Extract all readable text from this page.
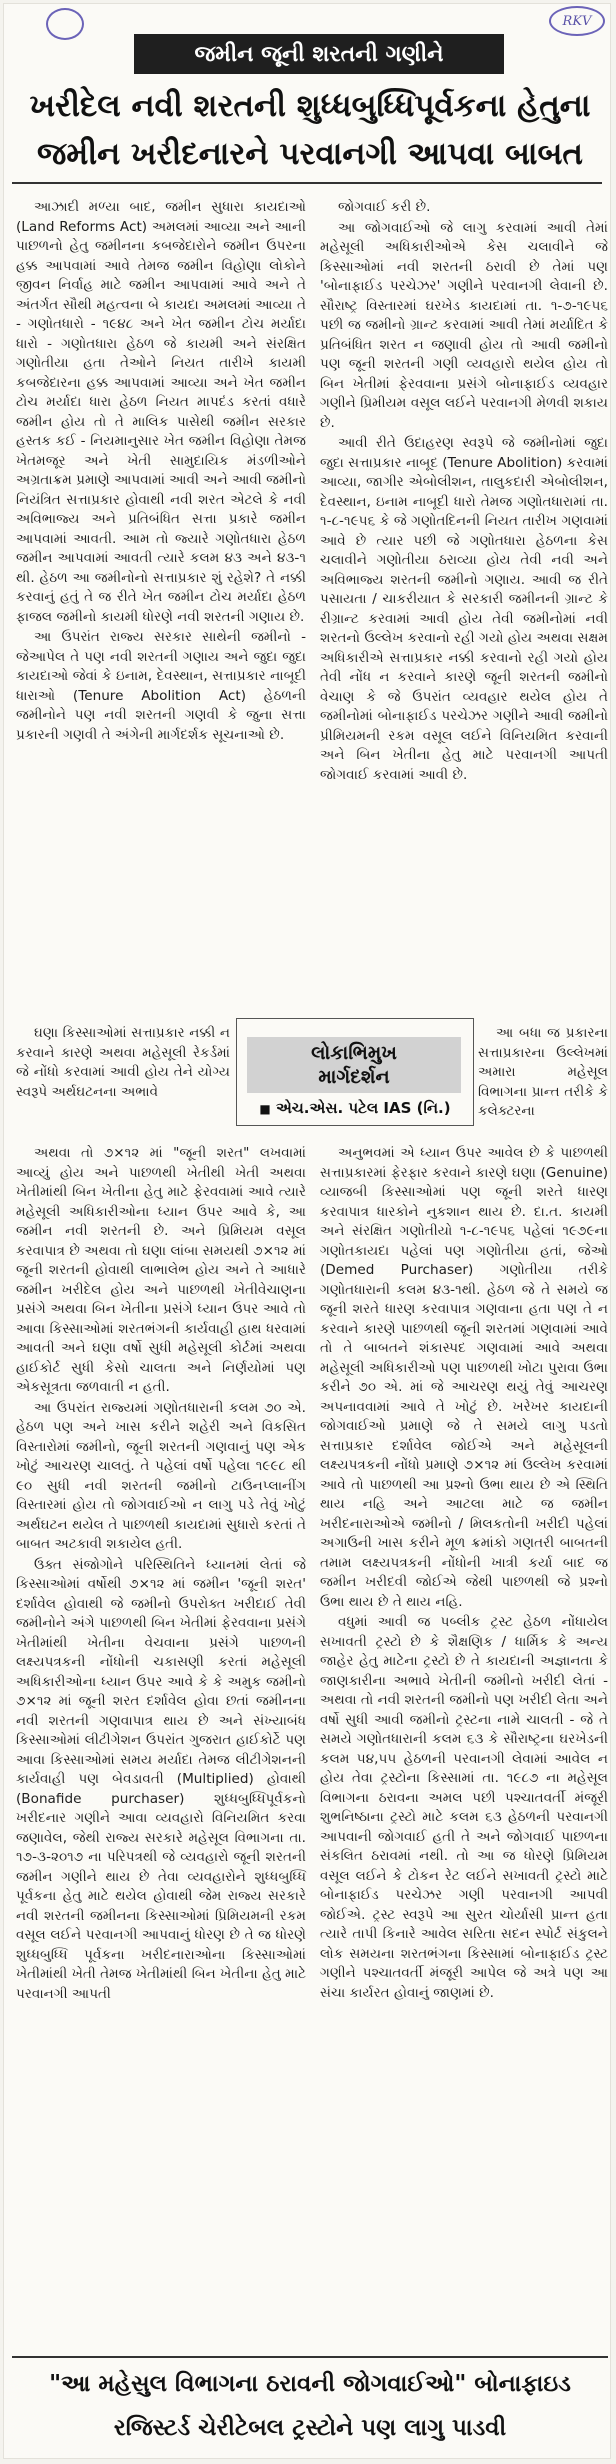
RKV
જમીન જૂની શરતની ગણીને
ખરીદેલ નવી શરતની શુધ્ધબુધ્ધિપૂર્વકના હેતુના
જમીન ખરીદનારને પરવાનગી આપવા બાબત

આઝાદી મળ્યા બાદ, જમીન સુધારા કાયદાઓ (Land Reforms Act) અમલમાં આવ્યા અને આની પાછળનો હેતુ જમીનના કબજેદારોને જમીન ઉપરના હક્ક આપવામાં આવે તેમજ જમીન વિહોણા લોકોને જીવન નિર્વાહ માટે જમીન આપવામાં આવે અને તે અંતર્ગત સૌથી મહત્વના બે કાયદા અમલમાં આવ્યા તે - ગણોતધારો - ૧૯૪૮ અને ખેત જમીન ટોચ મર્યાદા ધારો - ગણોતધારા હેઠળ જે કાયમી અને સંરક્ષિત ગણોતીયા હતા તેઓને નિયત તારીખે કાયમી કબજેદારના હક્ક આપવામાં આવ્યા અને ખેત જમીન ટોચ મર્યાદા ધારા હેઠળ નિયત માપદંડ કરતાં વધારે જમીન હોય તો તે માલિક પાસેથી જમીન સરકાર હસ્તક કઈ - નિયમાનુસાર ખેત જમીન વિહોણા તેમજ ખેતમજૂર અને ખેતી સામુદાયિક મંડળીઓને અગ્રતાક્રમ પ્રમાણે આપવામાં આવી અને આવી જમીનો નિયંત્રિત સત્તાપ્રકાર હોવાથી નવી શરત એટલે કે નવી અવિભાજ્ય અને પ્રતિબંધિત સત્તા પ્રકારે જમીન આપવામાં આવતી. આમ તો જ્યારે ગણોતધારા હેઠળ જમીન આપવામાં આવતી ત્યારે કલમ ૪૩ અને ૪૩-૧ થી. હેઠળ આ જમીનોનો સત્તાપ્રકાર શું રહેશે? તે નક્કી કરવાનું હતું તે જ રીતે ખેત જમીન ટોચ મર્યાદા હેઠળ ફાજલ જમીનો કાયમી ધોરણે નવી શરતની ગણાય છે.

આ ઉપરાંત રાજ્ય સરકાર સાથેની જમીનો - જેઆપેલ તે પણ નવી શરતની ગણાય અને જુદા જુદા કાયદાઓ જેવાં કે ઇનામ, દેવસ્થાન, સત્તાપ્રકાર નાબૂદી ધારાઓ (Tenure Abolition Act) હેઠળની જમીનોને પણ નવી શરતની ગણવી કે જુના સત્તા પ્રકારની ગણવી તે અંગેની માર્ગદર્શક સૂચનાઓ છે.

જોગવાઈ કરી છે.

આ જોગવાઈઓ જે લાગુ કરવામાં આવી તેમાં મહેસૂલી અધિકારીઓએ કેસ ચલાવીને જે કિસ્સાઓમાં નવી શરતની ઠરાવી છે તેમાં પણ 'બોનાફાઈડ પરચેઝર' ગણીને પરવાનગી લેવાની છે. સૌરાષ્ટ્ર વિસ્તારમાં ઘરખેડ કાયદામાં તા. ૧-૭-૧૯૫૬ પછી જ જમીનો ગ્રાન્ટ કરવામાં આવી તેમાં મર્યાદિત કે પ્રતિબંધિત શરત ન જણાવી હોય તો આવી જમીનો પણ જૂની શરતની ગણી વ્યવહારો થયેલ હોય તો બિન ખેતીમાં ફેરવવાના પ્રસંગે બોનાફાઈડ વ્યવહાર ગણીને પ્રિમીયમ વસૂલ લઈને પરવાનગી મેળવી શકાય છે.

આવી રીતે ઉદાહરણ સ્વરૂપે જે જમીનોમાં જુદા જુદા સત્તાપ્રકાર નાબૂદ (Tenure Abolition) કરવામાં આવ્યા, જાગીર એબોલીશન, તાલુકદારી એબોલીશન, દેવસ્થાન, ઇનામ નાબૂદી ધારો તેમજ ગણોતધારામાં તા. ૧-૮-૧૯૫૬ કે જે ગણોતદિનની નિયત તારીખ ગણવામાં આવે છે ત્યાર પછી જે ગણોતધારા હેઠળના કેસ ચલાવીને ગણોતીયા ઠરાવ્યા હોય તેવી નવી અને અવિભાજ્ય શરતની જમીનો ગણાય. આવી જ રીતે પસાયતા / ચાકરીયાત કે સરકારી જમીનની ગ્રાન્ટ કે રીગ્રાન્ટ કરવામાં આવી હોય તેવી જમીનોમાં નવી શરતનો ઉલ્લેખ કરવાનો રહી ગયો હોય અથવા સક્ષમ અધિકારીએ સત્તાપ્રકાર નક્કી કરવાનો રહી ગયો હોય તેવી નોંધ ન કરવાને કારણે જૂની શરતની જમીનો વેચાણ કે જે ઉપરાંત વ્યવહાર થયેલ હોય તે જમીનોમાં બોનાફાઈડ પરચેઝર ગણીને આવી જમીનો પ્રીમિયમની રકમ વસૂલ લઈને વિનિયમિત કરવાની અને બિન ખેતીના હેતુ માટે પરવાનગી આપતી જોગવાઈ કરવામાં આવી છે.

ઘણા કિસ્સાઓમાં સત્તાપ્રકાર નક્કી ન કરવાને કારણે અથવા મહેસૂલી રેકર્ડમાં જે નોંધો કરવામાં આવી હોય તેને યોગ્ય સ્વરૂપે અર્થઘટનના અભાવે

લોકાભિમુખ
માર્ગદર્શન
■ એચ.એસ. પટેલ IAS (નિ.)

આ બધા જ પ્રકારના સત્તાપ્રકારના ઉલ્લેખમાં અમારા મહેસૂલ વિભાગના પ્રાન્ત તરીકે કે કલેક્ટરના

અથવા તો ૭×૧૨ માં "જૂની શરત" લખવામાં આવ્યું હોય અને પાછળથી ખેતીથી ખેતી અથવા ખેતીમાંથી બિન ખેતીના હેતુ માટે ફેરવવામાં આવે ત્યારે મહેસૂલી અધિકારીઓના ધ્યાન ઉપર આવે કે, આ જમીન નવી શરતની છે. અને પ્રિમિયમ વસૂલ કરવાપાત્ર છે અથવા તો ઘણા લાંબા સમયથી ૭×૧૨ માં જૂની શરતની હોવાથી લાભાલેભ હોય અને તે આધારે જમીન ખરીદેલ હોય અને પાછળથી ખેતીવેચાણના પ્રસંગે અથવા બિન ખેતીના પ્રસંગે ધ્યાન ઉપર આવે તો આવા કિસ્સાઓમાં શરતભંગની કાર્યવાહી હાથ ધરવામાં આવતી અને ઘણા વર્ષો સુધી મહેસૂલી કોર્ટમાં અથવા હાઈકોર્ટ સુધી કેસો ચાલતા અને નિર્ણયોમાં પણ એકસૂત્રતા જળવાતી ન હતી.

આ ઉપરાંત રાજ્યમાં ગણોતધારાની કલમ ૭૦ એ. હેઠળ પણ અને ખાસ કરીને શહેરી અને વિકસિત વિસ્તારોમાં જમીનો, જૂની શરતની ગણવાનું પણ એક ખોટું આચરણ ચાલતું. તે પહેલાં વર્ષો પહેલા ૧૯૯૮ થી ૯૦ સુધી નવી શરતની જમીનો ટાઉનપ્લાનીંગ વિસ્તારમાં હોય તો જોગવાઈઓ ન લાગુ પડે તેવું ખોટું અર્થઘટન થયેલ તે પાછળથી કાયદામાં સુધારો કરતાં તે બાબત અટકાવી શકાયેલ હતી.

ઉક્ત સંજોગોને પરિસ્થિતિને ધ્યાનમાં લેતાં જે કિસ્સાઓમાં વર્ષોથી ૭×૧૨ માં જમીન 'જૂની શરત' દર્શાવેલ હોવાથી જે જમીનો ઉપરોક્ત ખરીદાઈ તેવી જમીનોને અંગે પાછળથી બિન ખેતીમાં ફેરવવાના પ્રસંગે ખેતીમાંથી ખેતીના વેચવાના પ્રસંગે પાછળની લક્ષ્યપત્રકની નોંધોની ચકાસણી કરતાં મહેસૂલી અધિકારીઓના ધ્યાન ઉપર આવે કે કે અમુક જમીનો ૭×૧૨ માં જૂની શરત દર્શાવેલ હોવા છતાં જમીનના નવી શરતની ગણવાપાત્ર થાય છે અને સંખ્યાબંધ કિસ્સાઓમાં લીટીગેશન ઉપરાંત ગુજરાત હાઈકોર્ટે પણ આવા કિસ્સાઓમાં સમય મર્યાદા તેમજ લીટીગેશનની કાર્યવાહી પણ બેવડાવતી (Multiplied) હોવાથી (Bonafide purchaser) શુધ્ધબુધ્ધિપૂર્વકનો ખરીદનાર ગણીને આવા વ્યવહારો વિનિયમિત કરવા જણાવેલ, જેથી રાજ્ય સરકારે મહેસૂલ વિભાગના તા. ૧૭-૩-૨૦૧૭ ના પરિપત્રથી જે વ્યવહારો જૂની શરતની જમીન ગણીને થાય છે તેવા વ્યવહારોને શુધ્ધબુધ્ધિ પૂર્વકના હેતુ માટે થયેલ હોવાથી જેમ રાજ્ય સરકારે નવી શરતની જમીનના કિસ્સાઓમાં પ્રિમિયમની રકમ વસૂલ લઈને પરવાનગી આપવાનું ધોરણ છે તે જ ધોરણે શુધ્ધબુધ્ધિ પૂર્વકના ખરીદનારાઓના કિસ્સાઓમાં ખેતીમાંથી ખેતી તેમજ ખેતીમાંથી બિન ખેતીના હેતુ માટે પરવાનગી આપતી

અનુભવમાં એ ધ્યાન ઉપર આવેલ છે કે પાછળથી સત્તાપ્રકારમાં ફેરફાર કરવાને કારણે ઘણા (Genuine) વ્યાજબી કિસ્સાઓમાં પણ જૂની શરતે ધારણ કરવાપાત્ર ધારકોને નુકશાન થાય છે. દા.ત. કાયમી અને સંરક્ષિત ગણોતીયો ૧-૮-૧૯૫૬ પહેલાં ૧૯૭૯ના ગણોતકાયદા પહેલાં પણ ગણોતીયા હતાં, જેઓ (Demed Purchaser) ગણોતીયા તરીકે ગણોતધારાની કલમ ૪૩-૧થી. હેઠળ જે તે સમયે જ જૂની શરતે ધારણ કરવાપાત્ર ગણવાના હતા પણ તે ન કરવાને કારણે પાછળથી જૂની શરતમાં ગણવામાં આવે તો તે બાબતને શંકાસ્પદ ગણવામાં આવે અથવા મહેસૂલી અધિકારીઓ પણ પાછળથી ખોટા પુરાવા ઉભા કરીને ૭૦ એ. માં જે આચરણ થયું તેવું આચરણ અપનાવવામાં આવે તે ખોટું છે. ખરેખર કાયદાની જોગવાઈઓ પ્રમાણે જે તે સમયે લાગુ પડતો સત્તાપ્રકાર દર્શાવેલ જોઈએ અને મહેસૂલની લક્ષ્યપત્રકની નોંધો પ્રમાણે ૭×૧૨ માં ઉલ્લેખ કરવામાં આવે તો પાછળથી આ પ્રશ્નો ઉભા થાય છે એ સ્થિતિ થાય નહિ અને આટલા માટે જ જમીન ખરીદનારાઓએ જમીનો / મિલકતોની ખરીદી પહેલાં અગાઉની ખાસ કરીને મૂળ ક્રમાંકો ગણતરી બાબતની તમામ લક્ષ્યપત્રકની નોંધોની ખાત્રી કર્યા બાદ જ જમીન ખરીદવી જોઈએ જેથી પાછળથી જે પ્રશ્નો ઉભા થાય છે તે થાય નહિ.

વધુમાં આવી જ પબ્લીક ટ્રસ્ટ હેઠળ નોંધાયેલ સખાવતી ટ્રસ્ટો છે કે શૈક્ષણિક / ધાર્મિક કે અન્ય જાહેર હેતુ માટેના ટ્રસ્ટો છે તે કાયદાની અજ્ઞાનતા કે જાણકારીના અભાવે ખેતીની જમીનો ખરીદી લેતાં - અથવા તો નવી શરતની જમીનો પણ ખરીદી લેતા અને વર્ષો સુધી આવી જમીનો ટ્રસ્ટના નામે ચાલતી - જે તે સમયે ગણોતધારાની કલમ ૬૩ કે સૌરાષ્ટ્રના ઘરખેડની કલમ ૫૪,૫૫ હેઠળની પરવાનગી લેવામાં આવેલ ન હોય તેવા ટ્રસ્ટોના કિસ્સામાં તા. ૧૯૮૭ ના મહેસૂલ વિભાગના ઠરાવના અમલ પછી પશ્ચાતવર્તી મંજૂરી શુભનિષ્ઠાના ટ્રસ્ટો માટે કલમ ૬૩ હેઠળની પરવાનગી આપવાની જોગવાઈ હતી તે અને જોગવાઈ પાછળના સંકલિત ઠરાવમાં નથી. તો આ જ ધોરણે પ્રિમિયમ વસૂલ લઈને કે ટોકન રેટ લઈને સખાવતી ટ્રસ્ટો માટે બોનાફાઈડ પરચેઝર ગણી પરવાનગી આપવી જોઈએ. ટ્રસ્ટ સ્વરૂપે આ સુરત ચોર્યાસી પ્રાન્ત હતા ત્યારે તાપી કિનારે આવેલ સરિતા સદન સ્પોર્ટ સંકુલને લોક સમયના શરતભંગના કિસ્સામાં બોનાફાઈડ ટ્રસ્ટ ગણીને પશ્ચાતવર્તી મંજૂરી આપેલ જે અત્રે પણ આ સંચા કાર્યરત હોવાનું જાણમાં છે.

"આ મહેસુલ વિભાગના ઠરાવની જોગવાઈઓ" બોનાફાઇડ
રજિસ્ટર્ડ ચેરીટેબલ ટ્રસ્ટોને પણ લાગુ પાડવી
